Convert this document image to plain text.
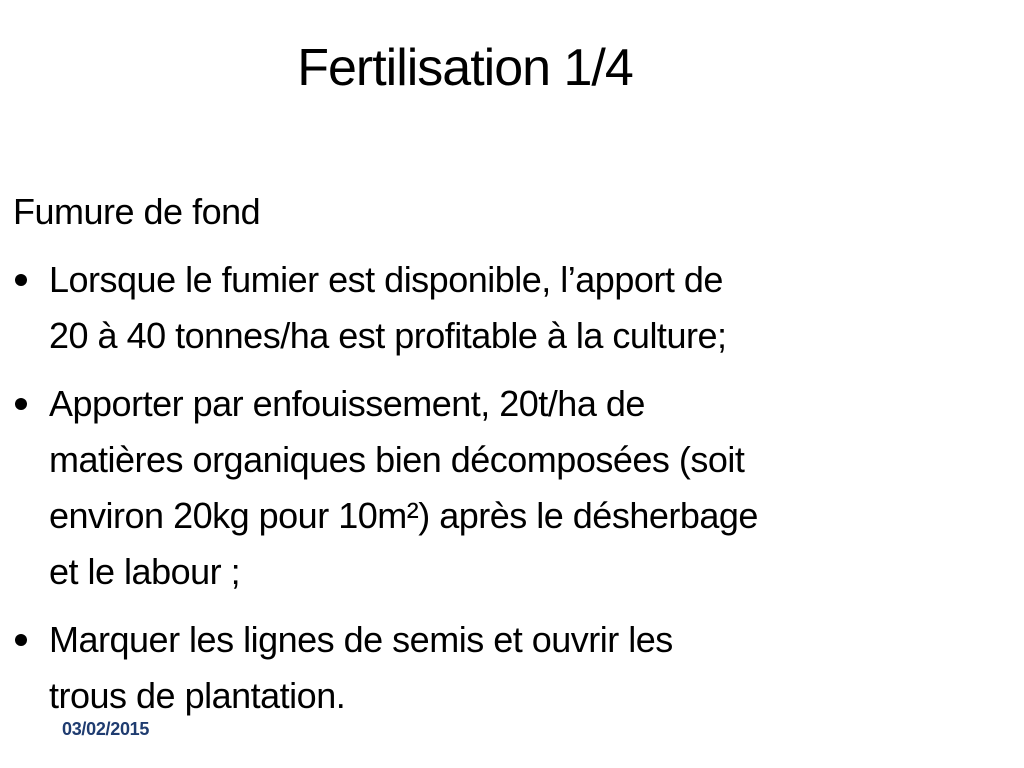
Fertilisation 1/4
Fumure de fond
Lorsque le fumier est disponible, l’apport de
20 à 40 tonnes/ha est profitable à la culture;
Apporter par enfouissement, 20t/ha de
matières organiques bien décomposées (soit
environ 20kg pour 10m²) après le désherbage
et le labour ;
Marquer les lignes de semis et ouvrir les
trous de plantation.
03/02/2015
